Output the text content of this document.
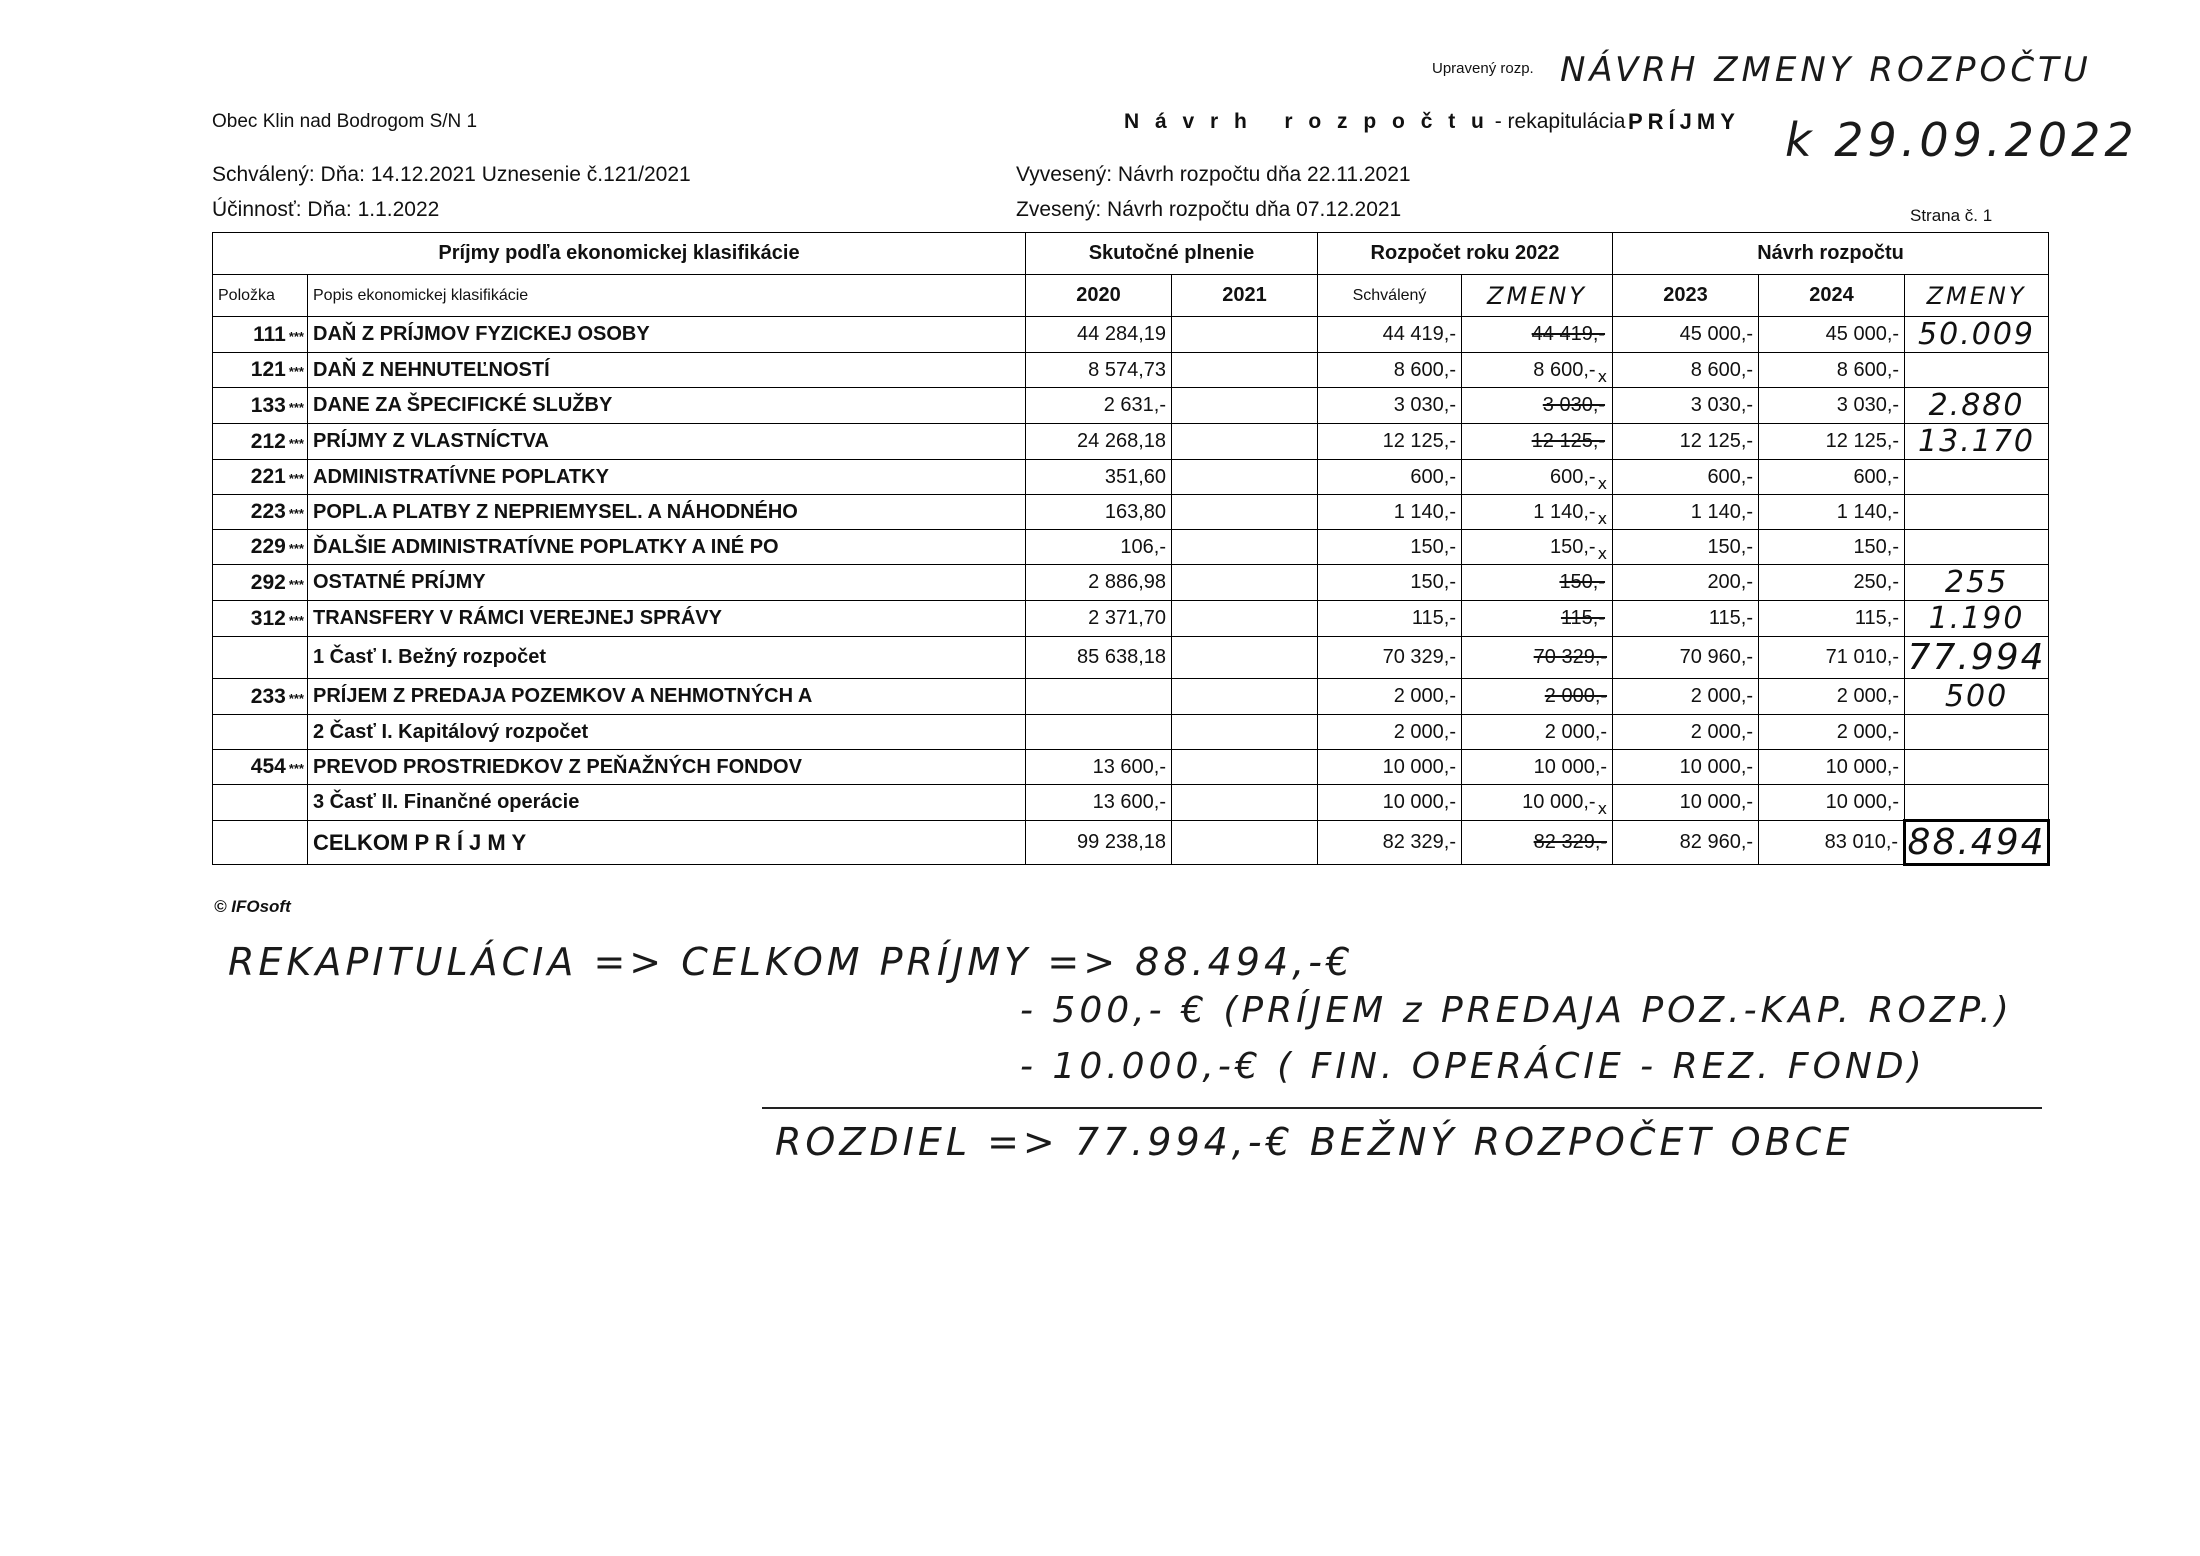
Upravený rozp. NÁVRH ZMENY ROZPOČTU
Obec Klin nad Bodrogom S/N 1	N á v r h   r o z p o č t u - rekapitulácia PRÍJMY k 29.09.2022
Schválený: Dňa: 14.12.2021 Uznesenie č.121/2021
Účinnosť: Dňa: 1.1.2022
Vyvesený: Návrh rozpočtu dňa 22.11.2021
Zvesený: Návrh rozpočtu dňa 07.12.2021	Strana č. 1
Príjmy podľa ekonomickej klasifikácie		Skutočné plnenie		Rozpočet roku 2022		Návrh rozpočtu		
Položka	Popis ekonomickej klasifikácie	2020	2021	Schválený	ZMENY	2023	2024	ZMENY
111 ***	DAŇ Z PRÍJMOV FYZICKEJ OSOBY	44 284,19		44 419,-	44 419,-	45 000,-	45 000,-	50.009
121 ***	DAŇ Z NEHNUTEĽNOSTÍ	8 574,73		8 600,-	8 600,- $_x$	8 600,-	8 600,-	
133 ***	DANE ZA ŠPECIFICKÉ SLUŽBY	2 631,-		3 030,-	3 030,-	3 030,-	3 030,-	2.880
212 ***	PRÍJMY Z VLASTNÍCTVA	24 268,18		12 125,-	12 125,-	12 125,-	12 125,-	13.170
221 ***	ADMINISTRATÍVNE POPLATKY	351,60		600,-	600,- $_x$	600,-	600,-	
223 ***	POPL.A PLATBY Z NEPRIEMYSEL. A NÁHODNÉHO	163,80		1 140,-	1 140,- $_x$	1 140,-	1 140,-	
229 ***	ĎALŠIE ADMINISTRATÍVNE POPLATKY A INÉ PO	106,-		150,-	150,- $_x$	150,-	150,-	
292 ***	OSTATNÉ PRÍJMY	2 886,98		150,-	150,-	200,-	250,-	255
312 ***	TRANSFERY V RÁMCI VEREJNEJ SPRÁVY	2 371,70		115,-	115,-	115,-	115,-	1.190
	1 Časť I. Bežný rozpočet	85 638,18		70 329,-	70 329,-	70 960,-	71 010,-	77.994
233 ***	PRÍJEM Z PREDAJA POZEMKOV A NEHMOTNÝCH A			2 000,-	2 000,-	2 000,-	2 000,-	500
	2 Časť I. Kapitálový rozpočet			2 000,-	2 000,-	2 000,-	2 000,-	
454 ***	PREVOD PROSTRIEDKOV Z PEŇAŽNÝCH FONDOV	13 600,-		10 000,-	10 000,-	10 000,-	10 000,-	
	3 Časť II. Finančné operácie	13 600,-		10 000,-	10 000,- $_x$	10 000,-	10 000,-	
	CELKOM P R Í J M Y	99 238,18		82 329,-	82 329,-	82 960,-	83 010,-	88.494
© IFOsoft
REKAPITULÁCIA => CELKOM PRÍJMY => 88.494,-€
- 500,- € (PRÍJEM z PREDAJA POZ.-KAP. ROZP.)
- 10.000,-€ ( FIN. OPERÁCIE - REZ. FOND)
ROZDIEL => 77.994,-€ BEŽNÝ ROZPOČET OBCE
